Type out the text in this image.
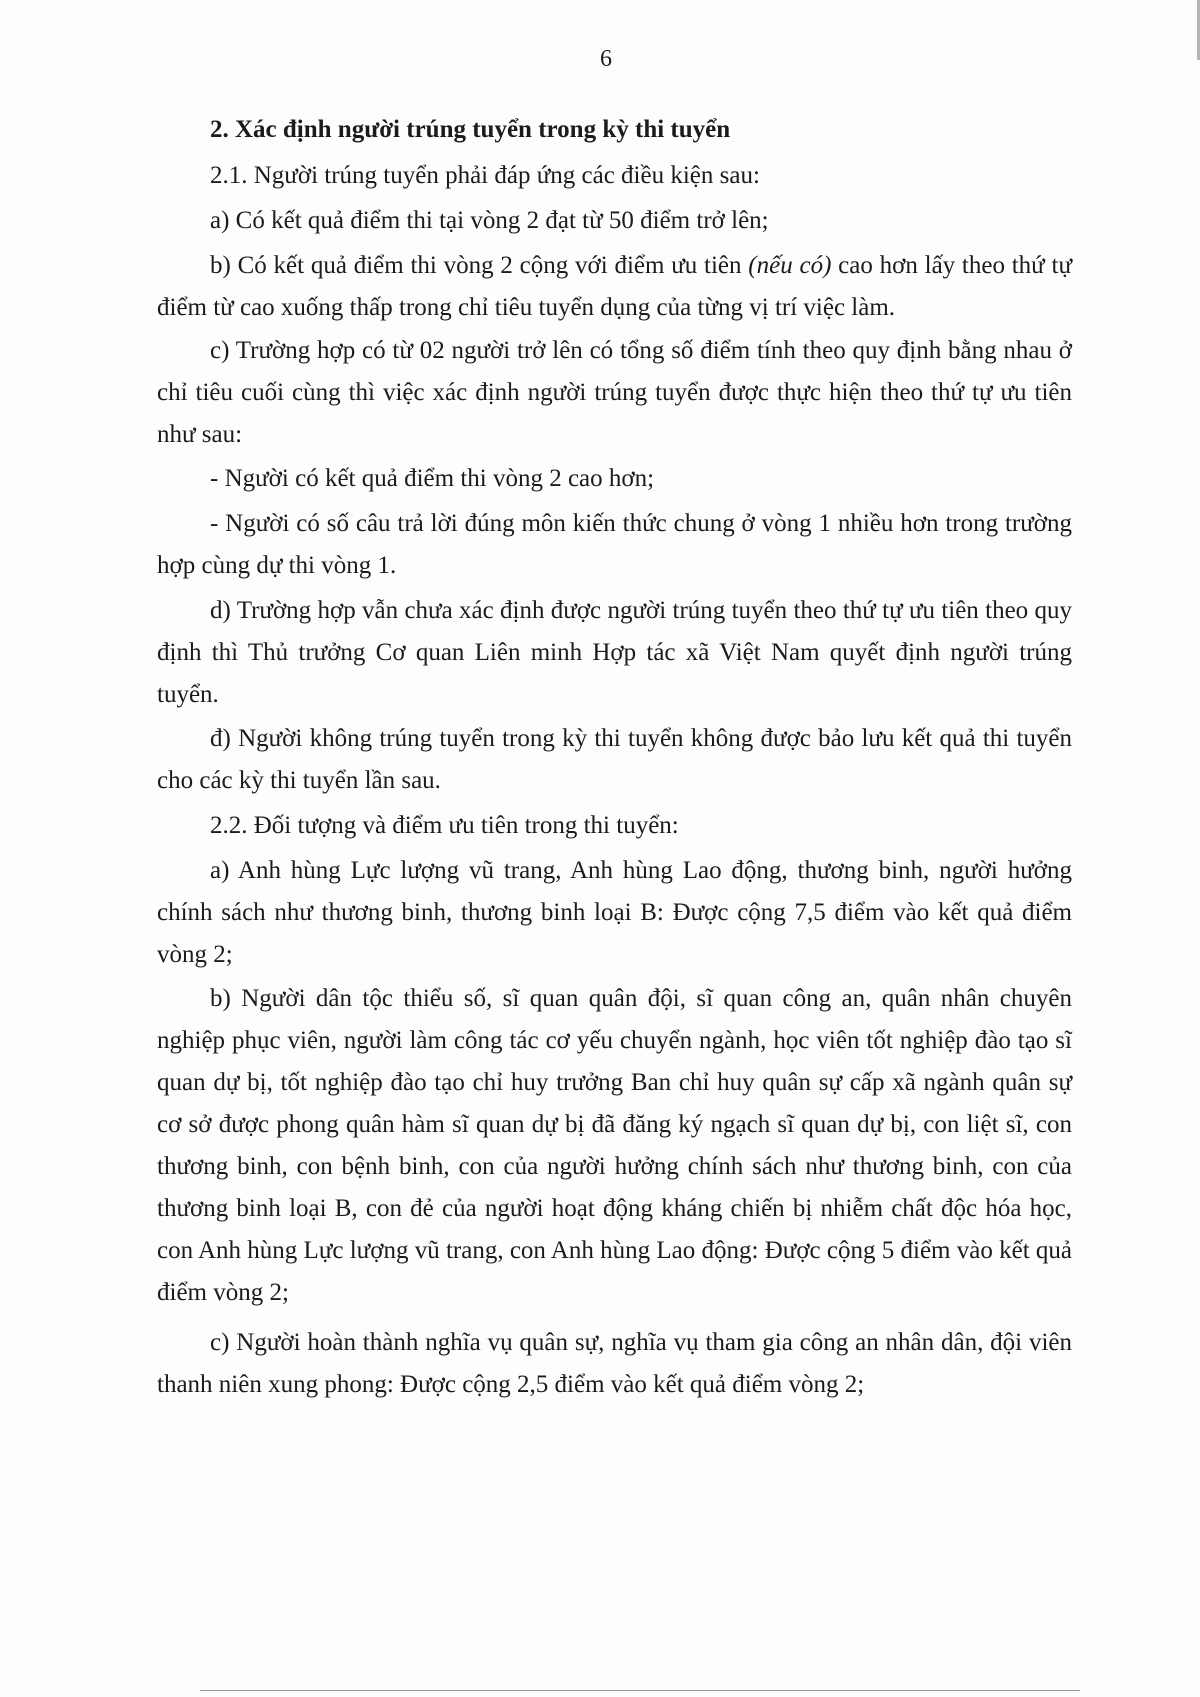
6
2. Xác định người trúng tuyển trong kỳ thi tuyển
2.1. Người trúng tuyển phải đáp ứng các điều kiện sau:
a) Có kết quả điểm thi tại vòng 2 đạt từ 50 điểm trở lên;
b) Có kết quả điểm thi vòng 2 cộng với điểm ưu tiên (nếu có) cao hơn lấy theo thứ tự điểm từ cao xuống thấp trong chỉ tiêu tuyển dụng của từng vị trí việc làm.
c) Trường hợp có từ 02 người trở lên có tổng số điểm tính theo quy định bằng nhau ở chỉ tiêu cuối cùng thì việc xác định người trúng tuyển được thực hiện theo thứ tự ưu tiên như sau:
- Người có kết quả điểm thi vòng 2 cao hơn;
- Người có số câu trả lời đúng môn kiến thức chung ở vòng 1 nhiều hơn trong trường hợp cùng dự thi vòng 1.
d) Trường hợp vẫn chưa xác định được người trúng tuyển theo thứ tự ưu tiên theo quy định thì Thủ trưởng Cơ quan Liên minh Hợp tác xã Việt Nam quyết định người trúng tuyển.
đ) Người không trúng tuyển trong kỳ thi tuyển không được bảo lưu kết quả thi tuyển cho các kỳ thi tuyển lần sau.
2.2. Đối tượng và điểm ưu tiên trong thi tuyển:
a) Anh hùng Lực lượng vũ trang, Anh hùng Lao động, thương binh, người hưởng chính sách như thương binh, thương binh loại B: Được cộng 7,5 điểm vào kết quả điểm vòng 2;
b) Người dân tộc thiểu số, sĩ quan quân đội, sĩ quan công an, quân nhân chuyên nghiệp phục viên, người làm công tác cơ yếu chuyển ngành, học viên tốt nghiệp đào tạo sĩ quan dự bị, tốt nghiệp đào tạo chỉ huy trưởng Ban chỉ huy quân sự cấp xã ngành quân sự cơ sở được phong quân hàm sĩ quan dự bị đã đăng ký ngạch sĩ quan dự bị, con liệt sĩ, con thương binh, con bệnh binh, con của người hưởng chính sách như thương binh, con của thương binh loại B, con đẻ của người hoạt động kháng chiến bị nhiễm chất độc hóa học, con Anh hùng Lực lượng vũ trang, con Anh hùng Lao động: Được cộng 5 điểm vào kết quả điểm vòng 2;
c) Người hoàn thành nghĩa vụ quân sự, nghĩa vụ tham gia công an nhân dân, đội viên thanh niên xung phong: Được cộng 2,5 điểm vào kết quả điểm vòng 2;
